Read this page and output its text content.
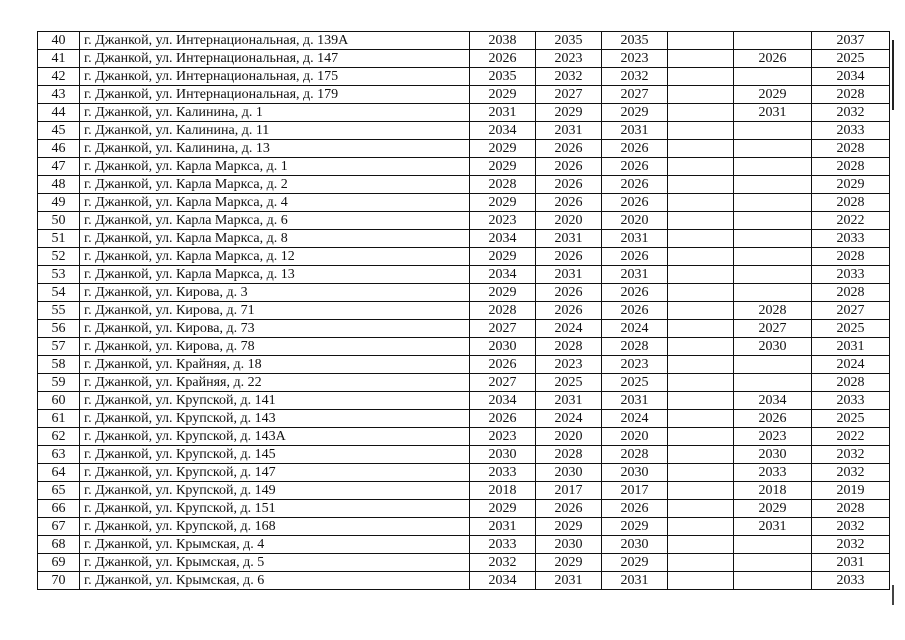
40	г. Джанкой, ул. Интернациональная, д. 139А	2038	2035	2035			2037
41	г. Джанкой, ул. Интернациональная, д. 147	2026	2023	2023		2026	2025
42	г. Джанкой, ул. Интернациональная, д. 175	2035	2032	2032			2034
43	г. Джанкой, ул. Интернациональная, д. 179	2029	2027	2027		2029	2028
44	г. Джанкой, ул. Калинина, д. 1	2031	2029	2029		2031	2032
45	г. Джанкой, ул. Калинина, д. 11	2034	2031	2031			2033
46	г. Джанкой, ул. Калинина, д. 13	2029	2026	2026			2028
47	г. Джанкой, ул. Карла Маркса, д. 1	2029	2026	2026			2028
48	г. Джанкой, ул. Карла Маркса, д. 2	2028	2026	2026			2029
49	г. Джанкой, ул. Карла Маркса, д. 4	2029	2026	2026			2028
50	г. Джанкой, ул. Карла Маркса, д. 6	2023	2020	2020			2022
51	г. Джанкой, ул. Карла Маркса, д. 8	2034	2031	2031			2033
52	г. Джанкой, ул. Карла Маркса, д. 12	2029	2026	2026			2028
53	г. Джанкой, ул. Карла Маркса, д. 13	2034	2031	2031			2033
54	г. Джанкой, ул. Кирова, д. 3	2029	2026	2026			2028
55	г. Джанкой, ул. Кирова, д. 71	2028	2026	2026		2028	2027
56	г. Джанкой, ул. Кирова, д. 73	2027	2024	2024		2027	2025
57	г. Джанкой, ул. Кирова, д. 78	2030	2028	2028		2030	2031
58	г. Джанкой, ул. Крайняя, д. 18	2026	2023	2023			2024
59	г. Джанкой, ул. Крайняя, д. 22	2027	2025	2025			2028
60	г. Джанкой, ул. Крупской, д. 141	2034	2031	2031		2034	2033
61	г. Джанкой, ул. Крупской, д. 143	2026	2024	2024		2026	2025
62	г. Джанкой, ул. Крупской, д. 143А	2023	2020	2020		2023	2022
63	г. Джанкой, ул. Крупской, д. 145	2030	2028	2028		2030	2032
64	г. Джанкой, ул. Крупской, д. 147	2033	2030	2030		2033	2032
65	г. Джанкой, ул. Крупской, д. 149	2018	2017	2017		2018	2019
66	г. Джанкой, ул. Крупской, д. 151	2029	2026	2026		2029	2028
67	г. Джанкой, ул. Крупской, д. 168	2031	2029	2029		2031	2032
68	г. Джанкой, ул. Крымская, д. 4	2033	2030	2030			2032
69	г. Джанкой, ул. Крымская, д. 5	2032	2029	2029			2031
70	г. Джанкой, ул. Крымская, д. 6	2034	2031	2031			2033
